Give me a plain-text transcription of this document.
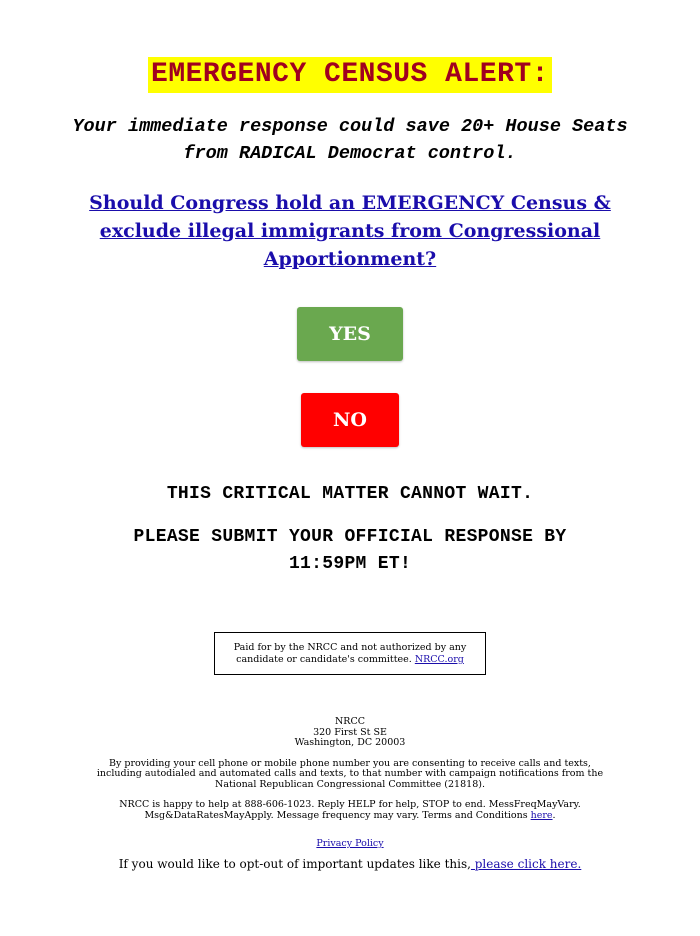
EMERGENCY CENSUS ALERT:
Your immediate response could save 20+ House Seats from RADICAL Democrat control.
Should Congress hold an EMERGENCY Census & exclude illegal immigrants from Congressional Apportionment?
YES
NO
THIS CRITICAL MATTER CANNOT WAIT.
PLEASE SUBMIT YOUR OFFICIAL RESPONSE BY 11:59PM ET!
Paid for by the NRCC and not authorized by any candidate or candidate's committee. NRCC.org
NRCC
320 First St SE
Washington, DC 20003
By providing your cell phone or mobile phone number you are consenting to receive calls and texts, including autodialed and automated calls and texts, to that number with campaign notifications from the National Republican Congressional Committee (21818).
NRCC is happy to help at 888-606-1023. Reply HELP for help, STOP to end. MessFreqMayVary. Msg&DataRatesMayApply. Message frequency may vary. Terms and Conditions here.
Privacy Policy
If you would like to opt-out of important updates like this, please click here.
